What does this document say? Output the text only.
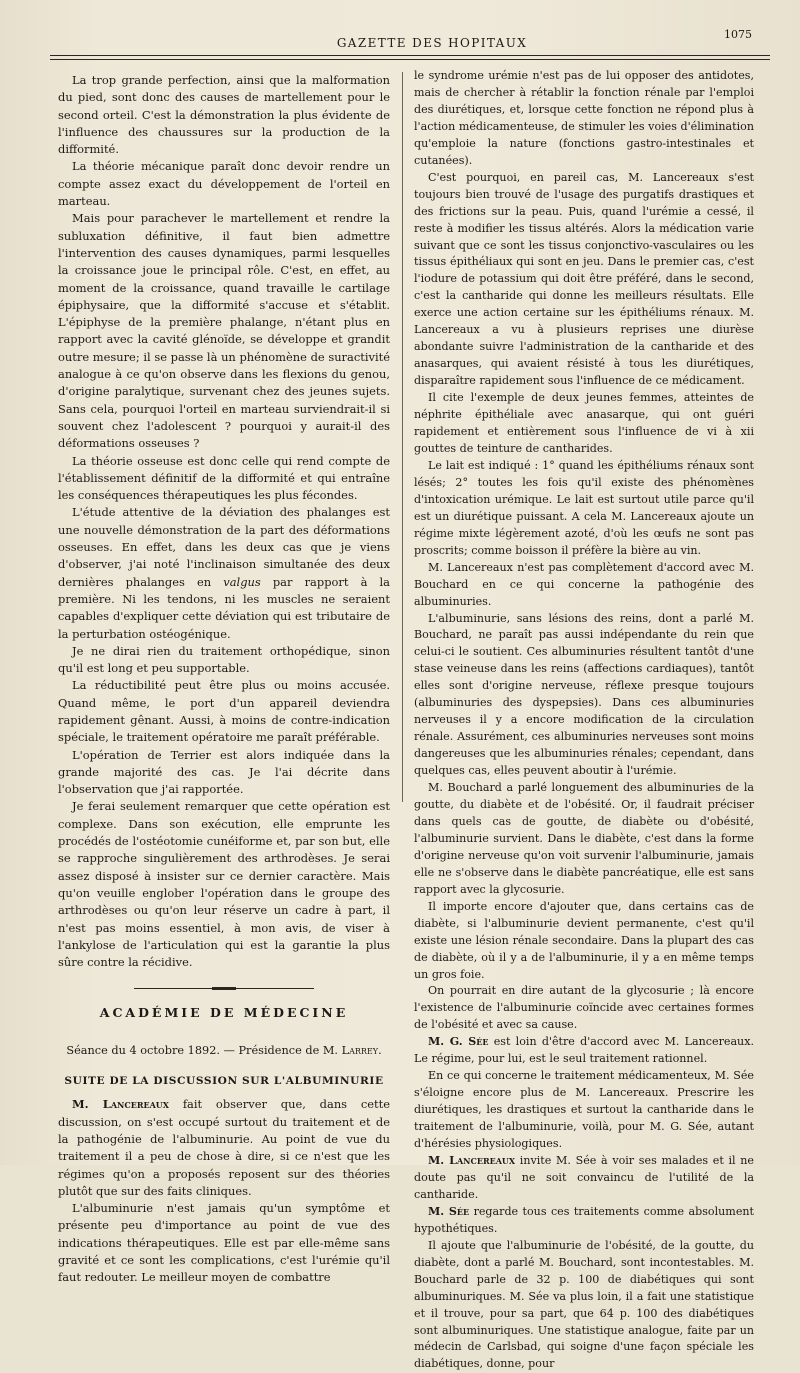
GAZETTE DES HOPITAUX
1075

La trop grande perfection, ainsi que la malformation du pied, sont donc des causes de martellement pour le second orteil. C'est la démonstration la plus évidente de l'influence des chaussures sur la production de la difformité.

La théorie mécanique paraît donc devoir rendre un compte assez exact du développement de l'orteil en marteau.

Mais pour parachever le martellement et rendre la subluxation définitive, il faut bien admettre l'intervention des causes dynamiques, parmi lesquelles la croissance joue le principal rôle. C'est, en effet, au moment de la croissance, quand travaille le cartilage épiphysaire, que la difformité s'accuse et s'établit. L'épiphyse de la première phalange, n'étant plus en rapport avec la cavité glénoïde, se développe et grandit outre mesure; il se passe là un phénomène de suractivité analogue à ce qu'on observe dans les flexions du genou, d'origine paralytique, survenant chez des jeunes sujets. Sans cela, pourquoi l'orteil en marteau surviendrait-il si souvent chez l'adolescent ? pourquoi y aurait-il des déformations osseuses ?

La théorie osseuse est donc celle qui rend compte de l'établissement définitif de la difformité et qui entraîne les conséquences thérapeutiques les plus fécondes.

L'étude attentive de la déviation des phalanges est une nouvelle démonstration de la part des déformations osseuses. En effet, dans les deux cas que je viens d'observer, j'ai noté l'inclinaison simultanée des deux dernières phalanges en valgus par rapport à la première. Ni les tendons, ni les muscles ne seraient capables d'expliquer cette déviation qui est tributaire de la perturbation ostéogénique.

Je ne dirai rien du traitement orthopédique, sinon qu'il est long et peu supportable.

La réductibilité peut être plus ou moins accusée. Quand même, le port d'un appareil deviendra rapidement gênant. Aussi, à moins de contre-indication spéciale, le traitement opératoire me paraît préférable.

L'opération de Terrier est alors indiquée dans la grande majorité des cas. Je l'ai décrite dans l'observation que j'ai rapportée.

Je ferai seulement remarquer que cette opération est complexe. Dans son exécution, elle emprunte les procédés de l'ostéotomie cunéiforme et, par son but, elle se rapproche singulièrement des arthrodèses. Je serai assez disposé à insister sur ce dernier caractère. Mais qu'on veuille englober l'opération dans le groupe des arthrodèses ou qu'on leur réserve un cadre à part, il n'est pas moins essentiel, à mon avis, de viser à l'ankylose de l'articulation qui est la garantie la plus sûre contre la récidive.

ACADÉMIE DE MÉDECINE
Séance du 4 octobre 1892. — Présidence de M. Larrey.
SUITE DE LA DISCUSSION SUR L'ALBUMINURIE

M. Lancereaux fait observer que, dans cette discussion, on s'est occupé surtout du traitement et de la pathogénie de l'albuminurie. Au point de vue du traitement il a peu de chose à dire, si ce n'est que les régimes qu'on a proposés reposent sur des théories plutôt que sur des faits cliniques.

L'albuminurie n'est jamais qu'un symptôme et présente peu d'importance au point de vue des indications thérapeutiques. Elle est par elle-même sans gravité et ce sont les complications, c'est l'urémie qu'il faut redouter. Le meilleur moyen de combattre

le syndrome urémie n'est pas de lui opposer des antidotes, mais de chercher à rétablir la fonction rénale par l'emploi des diurétiques, et, lorsque cette fonction ne répond plus à l'action médicamenteuse, de stimuler les voies d'élimination qu'emploie la nature (fonctions gastro-intestinales et cutanées).

C'est pourquoi, en pareil cas, M. Lancereaux s'est toujours bien trouvé de l'usage des purgatifs drastiques et des frictions sur la peau. Puis, quand l'urémie a cessé, il reste à modifier les tissus altérés. Alors la médication varie suivant que ce sont les tissus conjonctivo-vasculaires ou les tissus épithéliaux qui sont en jeu. Dans le premier cas, c'est l'iodure de potassium qui doit être préféré, dans le second, c'est la cantharide qui donne les meilleurs résultats. Elle exerce une action certaine sur les épithéliums rénaux. M. Lancereaux a vu à plusieurs reprises une diurèse abondante suivre l'administration de la cantharide et des anasarques, qui avaient résisté à tous les diurétiques, disparaître rapidement sous l'influence de ce médicament.

Il cite l'exemple de deux jeunes femmes, atteintes de néphrite épithéliale avec anasarque, qui ont guéri rapidement et entièrement sous l'influence de vi à xii gouttes de teinture de cantharides.

Le lait est indiqué : 1° quand les épithéliums rénaux sont lésés; 2° toutes les fois qu'il existe des phénomènes d'intoxication urémique. Le lait est surtout utile parce qu'il est un diurétique puissant. A cela M. Lancereaux ajoute un régime mixte légèrement azoté, d'où les œufs ne sont pas proscrits; comme boisson il préfère la bière au vin.

M. Lancereaux n'est pas complètement d'accord avec M. Bouchard en ce qui concerne la pathogénie des albuminuries.

L'albuminurie, sans lésions des reins, dont a parlé M. Bouchard, ne paraît pas aussi indépendante du rein que celui-ci le soutient. Ces albuminuries résultent tantôt d'une stase veineuse dans les reins (affections cardiaques), tantôt elles sont d'origine nerveuse, réflexe presque toujours (albuminuries des dyspepsies). Dans ces albuminuries nerveuses il y a encore modification de la circulation rénale. Assurément, ces albuminuries nerveuses sont moins dangereuses que les albuminuries rénales; cependant, dans quelques cas, elles peuvent aboutir à l'urémie.

M. Bouchard a parlé longuement des albuminuries de la goutte, du diabète et de l'obésité. Or, il faudrait préciser dans quels cas de goutte, de diabète ou d'obésité, l'albuminurie survient. Dans le diabète, c'est dans la forme d'origine nerveuse qu'on voit survenir l'albuminurie, jamais elle ne s'observe dans le diabète pancréatique, elle est sans rapport avec la glycosurie.

Il importe encore d'ajouter que, dans certains cas de diabète, si l'albuminurie devient permanente, c'est qu'il existe une lésion rénale secondaire. Dans la plupart des cas de diabète, où il y a de l'albuminurie, il y a en même temps un gros foie.

On pourrait en dire autant de la glycosurie ; là encore l'existence de l'albuminurie coïncide avec certaines formes de l'obésité et avec sa cause.

M. G. Sée est loin d'être d'accord avec M. Lancereaux. Le régime, pour lui, est le seul traitement rationnel.

En ce qui concerne le traitement médicamenteux, M. Sée s'éloigne encore plus de M. Lancereaux. Prescrire les diurétiques, les drastiques et surtout la cantharide dans le traitement de l'albuminurie, voilà, pour M. G. Sée, autant d'hérésies physiologiques.

M. Lancereaux invite M. Sée à voir ses malades et il ne doute pas qu'il ne soit convaincu de l'utilité de la cantharide.

M. Sée regarde tous ces traitements comme absolument hypothétiques.

Il ajoute que l'albuminurie de l'obésité, de la goutte, du diabète, dont a parlé M. Bouchard, sont incontestables. M. Bouchard parle de 32 p. 100 de diabétiques qui sont albuminuriques. M. Sée va plus loin, il a fait une statistique et il trouve, pour sa part, que 64 p. 100 des diabétiques sont albuminuriques. Une statistique analogue, faite par un médecin de Carlsbad, qui soigne d'une façon spéciale les diabétiques, donne, pour
